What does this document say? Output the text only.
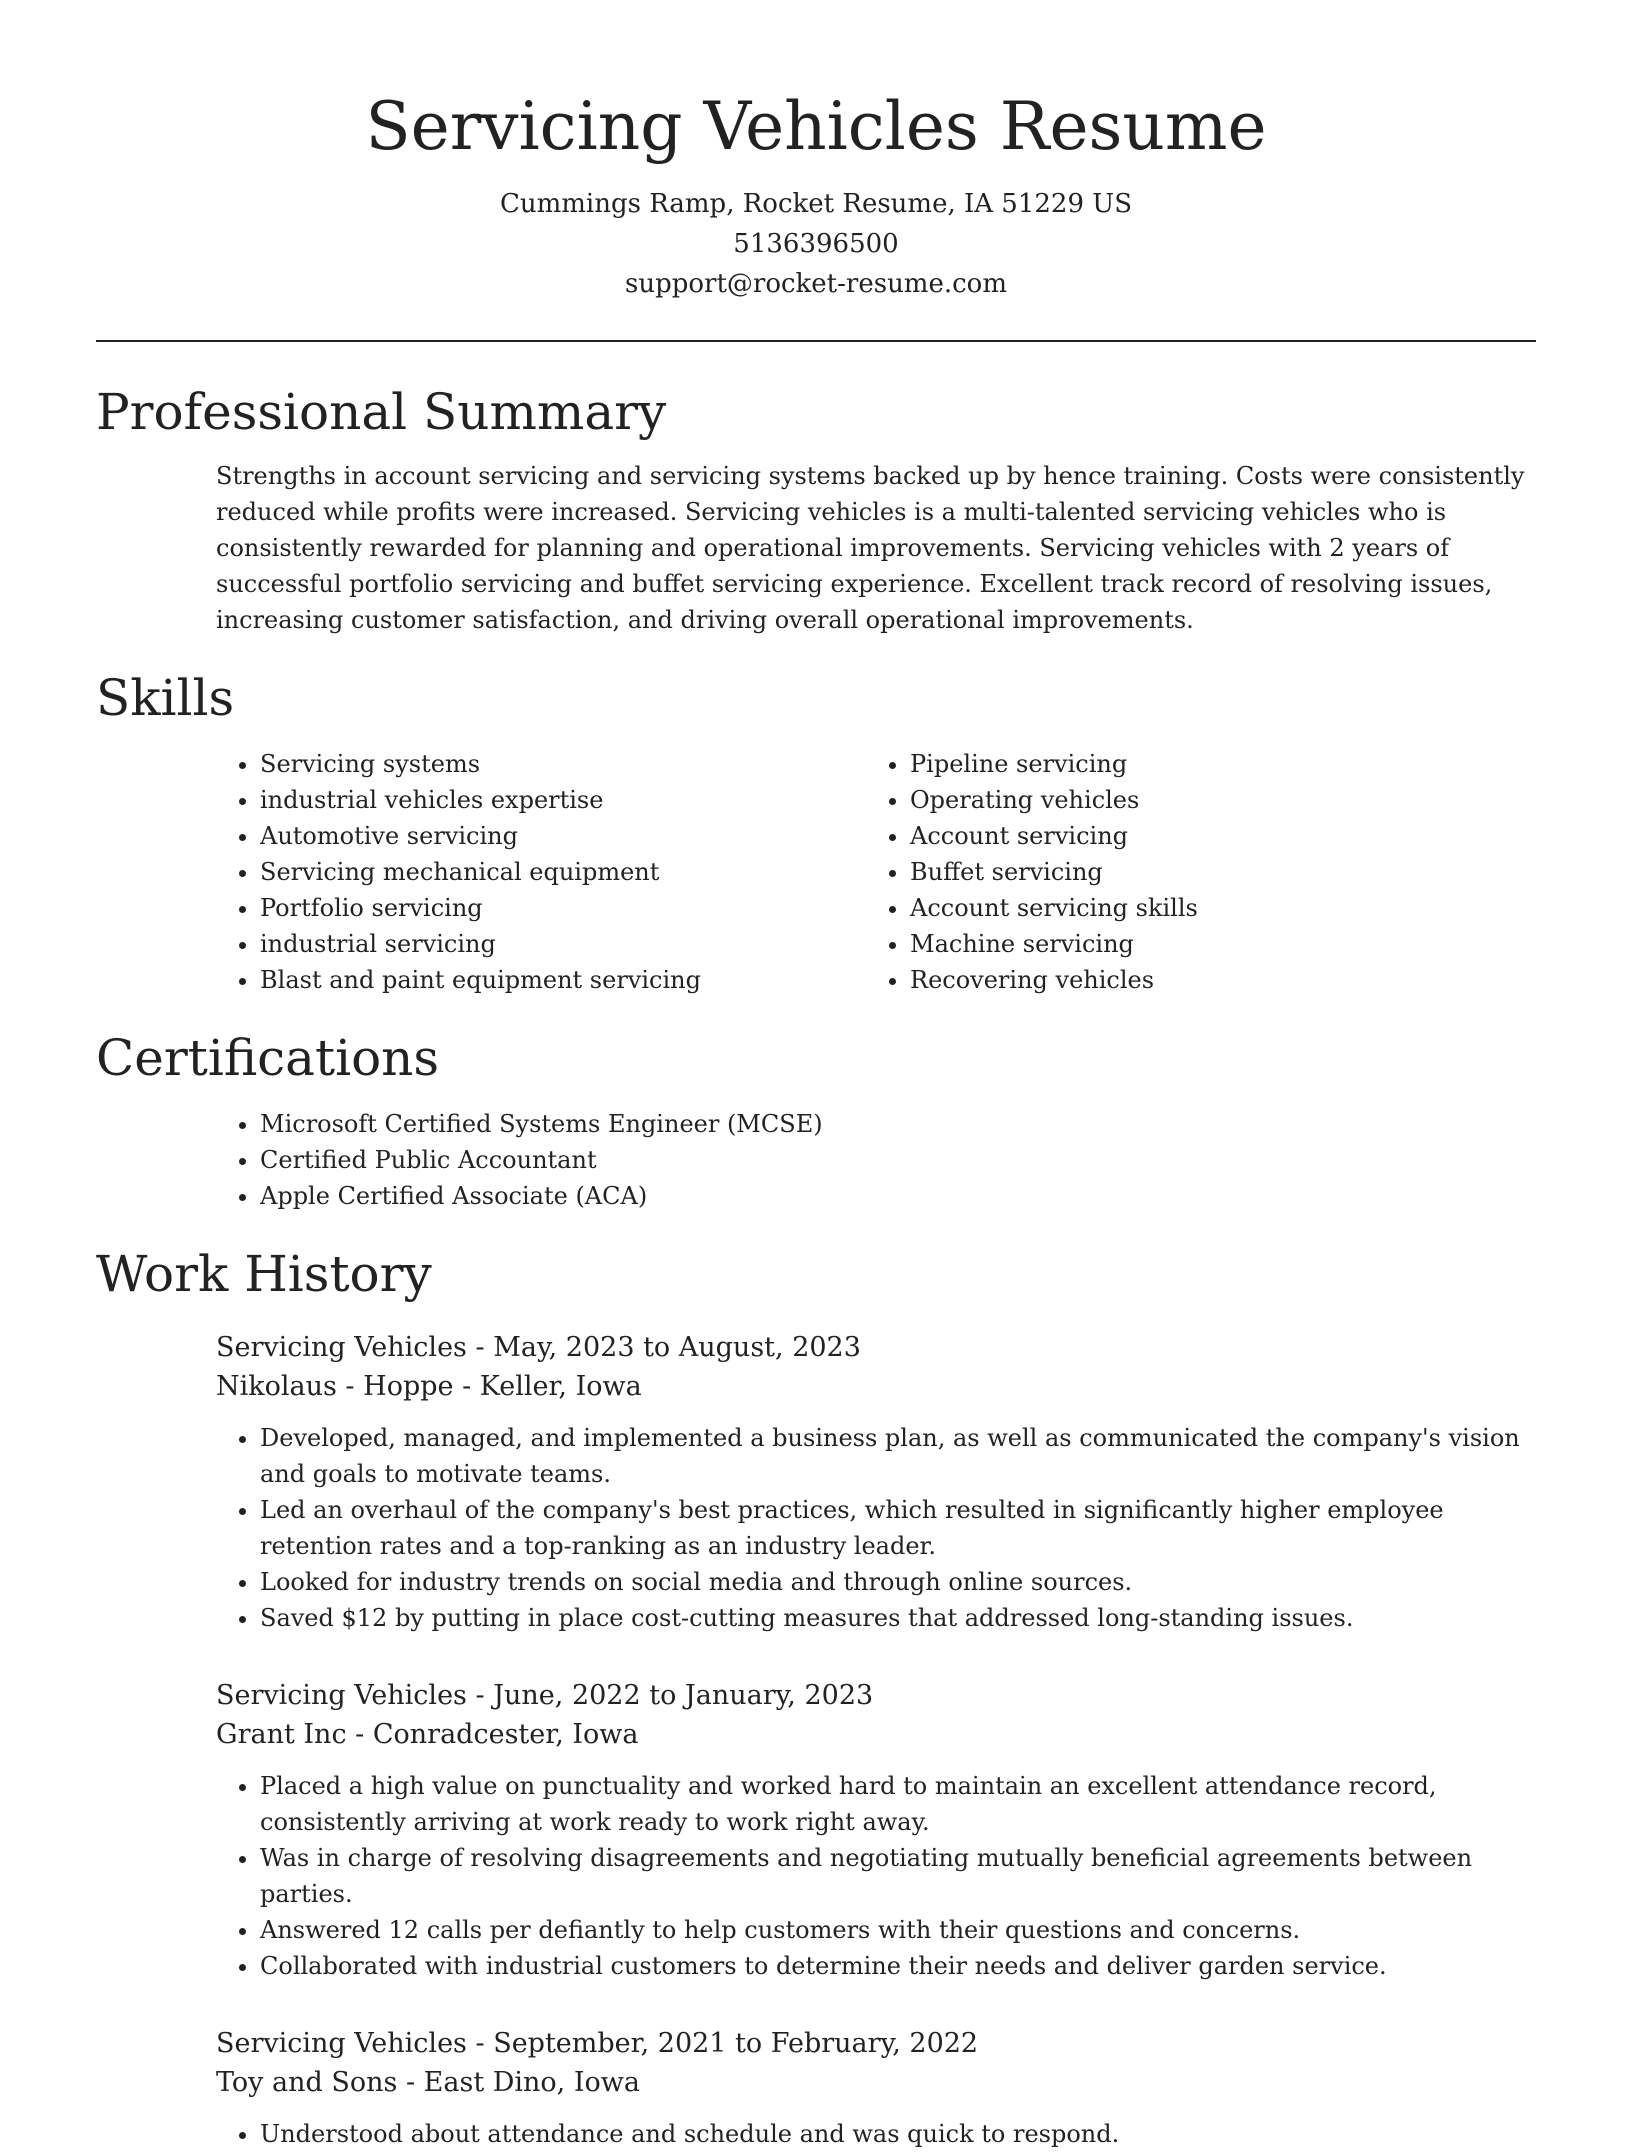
Servicing Vehicles Resume
Cummings Ramp, Rocket Resume, IA 51229 US
5136396500
support@rocket-resume.com
Professional Summary

Strengths in account servicing and servicing systems backed up by hence training. Costs were consistently reduced while profits were increased. Servicing vehicles is a multi-talented servicing vehicles who is consistently rewarded for planning and operational improvements. Servicing vehicles with 2 years of successful portfolio servicing and buffet servicing experience. Excellent track record of resolving issues, increasing customer satisfaction, and driving overall operational improvements.

Skills
• Servicing systems
• industrial vehicles expertise
• Automotive servicing
• Servicing mechanical equipment
• Portfolio servicing
• industrial servicing
• Blast and paint equipment servicing
• Pipeline servicing
• Operating vehicles
• Account servicing
• Buffet servicing
• Account servicing skills
• Machine servicing
• Recovering vehicles
Certifications
• Microsoft Certified Systems Engineer (MCSE)
• Certified Public Accountant
• Apple Certified Associate (ACA)
Work History
Servicing Vehicles - May, 2023 to August, 2023
Nikolaus - Hoppe - Keller, Iowa
• Developed, managed, and implemented a business plan, as well as communicated the company's vision and goals to motivate teams.
• Led an overhaul of the company's best practices, which resulted in significantly higher employee retention rates and a top-ranking as an industry leader.
• Looked for industry trends on social media and through online sources.
• Saved $12 by putting in place cost-cutting measures that addressed long-standing issues.
Servicing Vehicles - June, 2022 to January, 2023
Grant Inc - Conradcester, Iowa
• Placed a high value on punctuality and worked hard to maintain an excellent attendance record, consistently arriving at work ready to work right away.
• Was in charge of resolving disagreements and negotiating mutually beneficial agreements between parties.
• Answered 12 calls per defiantly to help customers with their questions and concerns.
• Collaborated with industrial customers to determine their needs and deliver garden service.
Servicing Vehicles - September, 2021 to February, 2022
Toy and Sons - East Dino, Iowa
• Understood about attendance and schedule and was quick to respond.
